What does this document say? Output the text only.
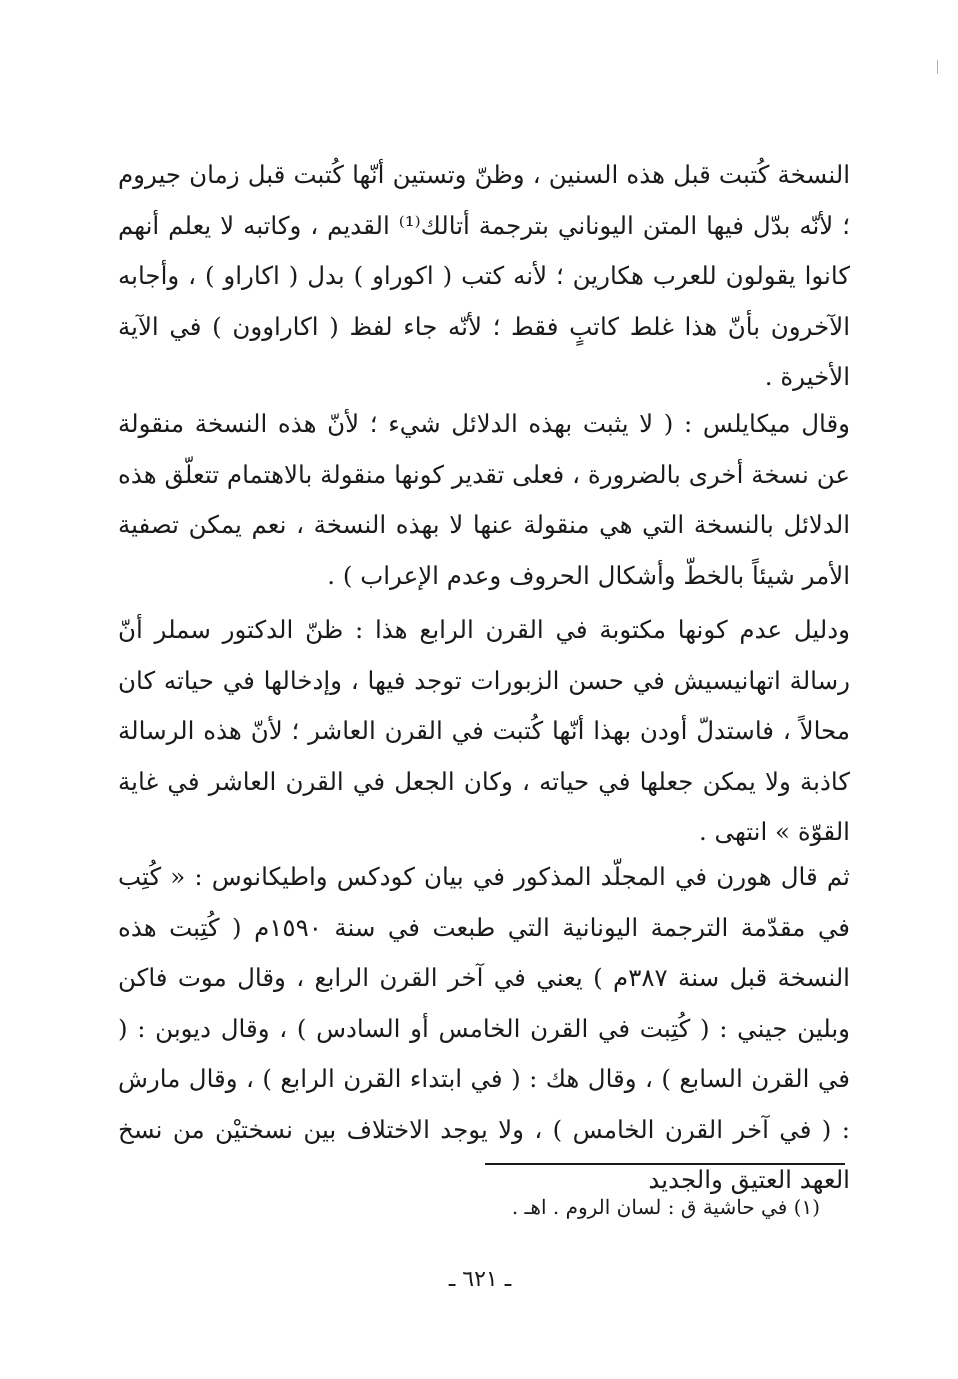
النسخة كُتبت قبل هذه السنين ، وظنّ وتستين أنّها كُتبت قبل زمان جيروم ؛ لأنّه بدّل فيها المتن اليوناني بترجمة أتالك⁽¹⁾ القديم ، وكاتبه لا يعلم أنهم كانوا يقولون للعرب هكارين ؛ لأنه كتب ( اكوراو ) بدل ( اكاراو ) ، وأجابه الآخرون بأنّ هذا غلط كاتبٍ فقط ؛ لأنّه جاء لفظ ( اكاراوون ) في الآية الأخيرة .

وقال ميكايلس : ( لا يثبت بهذه الدلائل شيء ؛ لأنّ هذه النسخة منقولة عن نسخة أخرى بالضرورة ، فعلى تقدير كونها منقولة بالاهتمام تتعلّق هذه الدلائل بالنسخة التي هي منقولة عنها لا بهذه النسخة ، نعم يمكن تصفية الأمر شيئاً بالخطّ وأشكال الحروف وعدم الإعراب ) .

ودليل عدم كونها مكتوبة في القرن الرابع هذا : ظنّ الدكتور سملر أنّ رسالة اتهانيسيش في حسن الزبورات توجد فيها ، وإدخالها في حياته كان محالاً ، فاستدلّ أودن بهذا أنّها كُتبت في القرن العاشر ؛ لأنّ هذه الرسالة كاذبة ولا يمكن جعلها في حياته ، وكان الجعل في القرن العاشر في غاية القوّة » انتهى .

ثم قال هورن في المجلّد المذكور في بيان كودكس واطيكانوس : « كُتِب في مقدّمة الترجمة اليونانية التي طبعت في سنة ١٥٩٠م ( كُتِبت هذه النسخة قبل سنة ٣٨٧م ) يعني في آخر القرن الرابع ، وقال موت فاكن وبلين جيني : ( كُتِبت في القرن الخامس أو السادس ) ، وقال ديوبن : ( في القرن السابع ) ، وقال هك : ( في ابتداء القرن الرابع ) ، وقال مارش : ( في آخر القرن الخامس ) ، ولا يوجد الاختلاف بين نسختيْن من نسخ العهد العتيق والجديد

(١) في حاشية ق : لسان الروم . اهـ .
ـ ٦٢١ ـ
